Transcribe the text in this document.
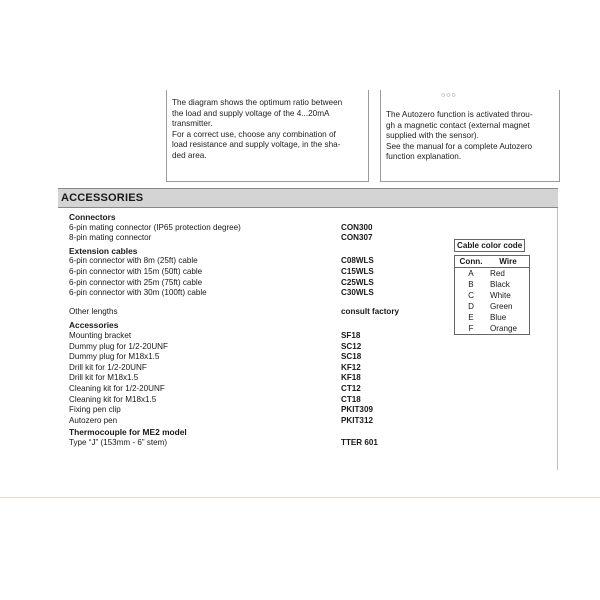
The diagram shows the optimum ratio between

the load and supply voltage of the 4...20mA

transmitter.

For a correct use, choose any combination of

load resistance and supply voltage, in the sha-

ded area.

○○○

The Autozero function is activated throu-

gh a magnetic contact (external magnet

supplied with the sensor).

See the manual for a complete Autozero

function explanation.

ACCESSORIES
Connectors
6-pin mating connector (IP65 protection degree)	CON300
8-pin mating connector	CON307
Extension cables
6-pin connector with 8m (25ft) cable	C08WLS
6-pin connector with 15m (50ft) cable	C15WLS
6-pin connector with 25m (75ft) cable	C25WLS
6-pin connector with 30m (100ft) cable	C30WLS
Other lengths	consult factory
Accessories
Mounting bracket	SF18
Dummy plug for 1/2-20UNF	SC12
Dummy plug for M18x1.5	SC18
Drill kit for 1/2-20UNF	KF12
Drill kit for M18x1.5	KF18
Cleaning kit for 1/2-20UNF	CT12
Cleaning kit for M18x1.5	CT18
Fixing pen clip	PKIT309
Autozero pen	PKIT312
Thermocouple for ME2 model
Type “J” (153mm - 6” stem)	TTER 601
Cable color code
Conn.	Wire
A	Red
B	Black
C	White
D	Green
E	Blue
F	Orange
